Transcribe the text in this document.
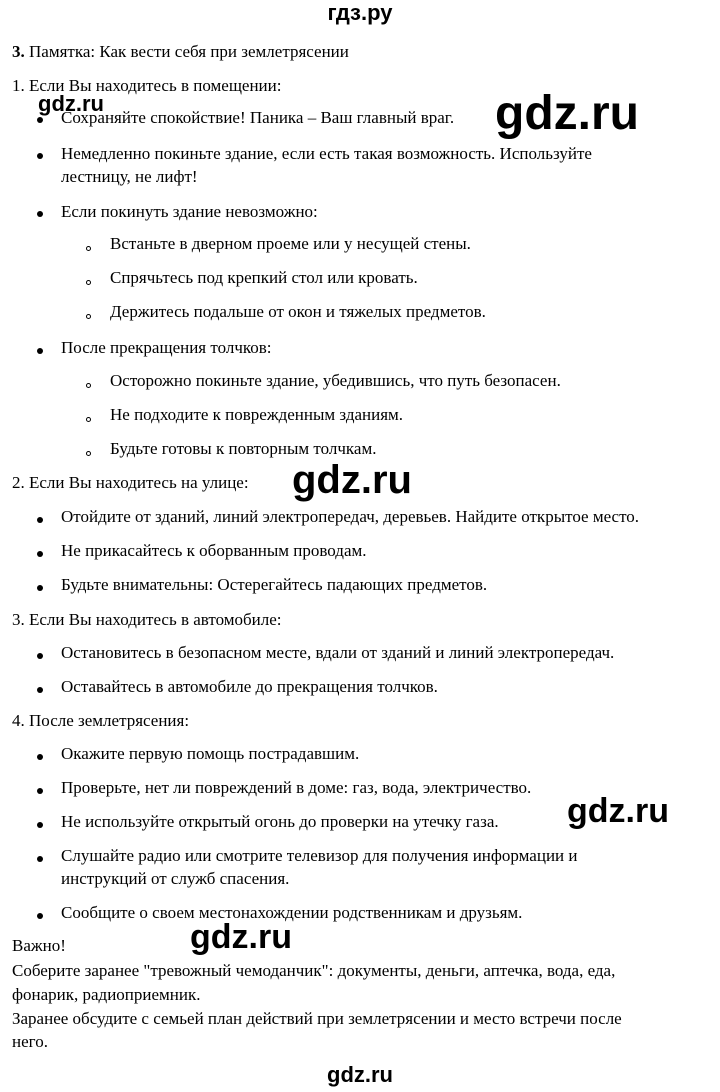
гдз.ру
3. Памятка: Как вести себя при землетрясении
1. Если Вы находитесь в помещении:
Сохраняйте спокойствие! Паника – Ваш главный враг.
Немедленно покиньте здание, если есть такая возможность. Используйте
лестницу, не лифт!
Если покинуть здание невозможно:
Встаньте в дверном проеме или у несущей стены.
Спрячьтесь под крепкий стол или кровать.
Держитесь подальше от окон и тяжелых предметов.
После прекращения толчков:
Осторожно покиньте здание, убедившись, что путь безопасен.
Не подходите к поврежденным зданиям.
Будьте готовы к повторным толчкам.
2. Если Вы находитесь на улице:
Отойдите от зданий, линий электропередач, деревьев. Найдите открытое место.
Не прикасайтесь к оборванным проводам.
Будьте внимательны: Остерегайтесь падающих предметов.
3. Если Вы находитесь в автомобиле:
Остановитесь в безопасном месте, вдали от зданий и линий электропередач.
Оставайтесь в автомобиле до прекращения толчков.
4. После землетрясения:
Окажите первую помощь пострадавшим.
Проверьте, нет ли повреждений в доме: газ, вода, электричество.
Не используйте открытый огонь до проверки на утечку газа.
Слушайте радио или смотрите телевизор для получения информации и
инструкций от служб спасения.
Сообщите о своем местонахождении родственникам и друзьям.
Важно!
Соберите заранее "тревожный чемоданчик": документы, деньги, аптечка, вода, еда,
фонарик, радиоприемник.
Заранее обсудите с семьей план действий при землетрясении и место встречи после
него.
gdz.ru	gdz.ru
gdz.ru
gdz.ru
gdz.ru
gdz.ru
